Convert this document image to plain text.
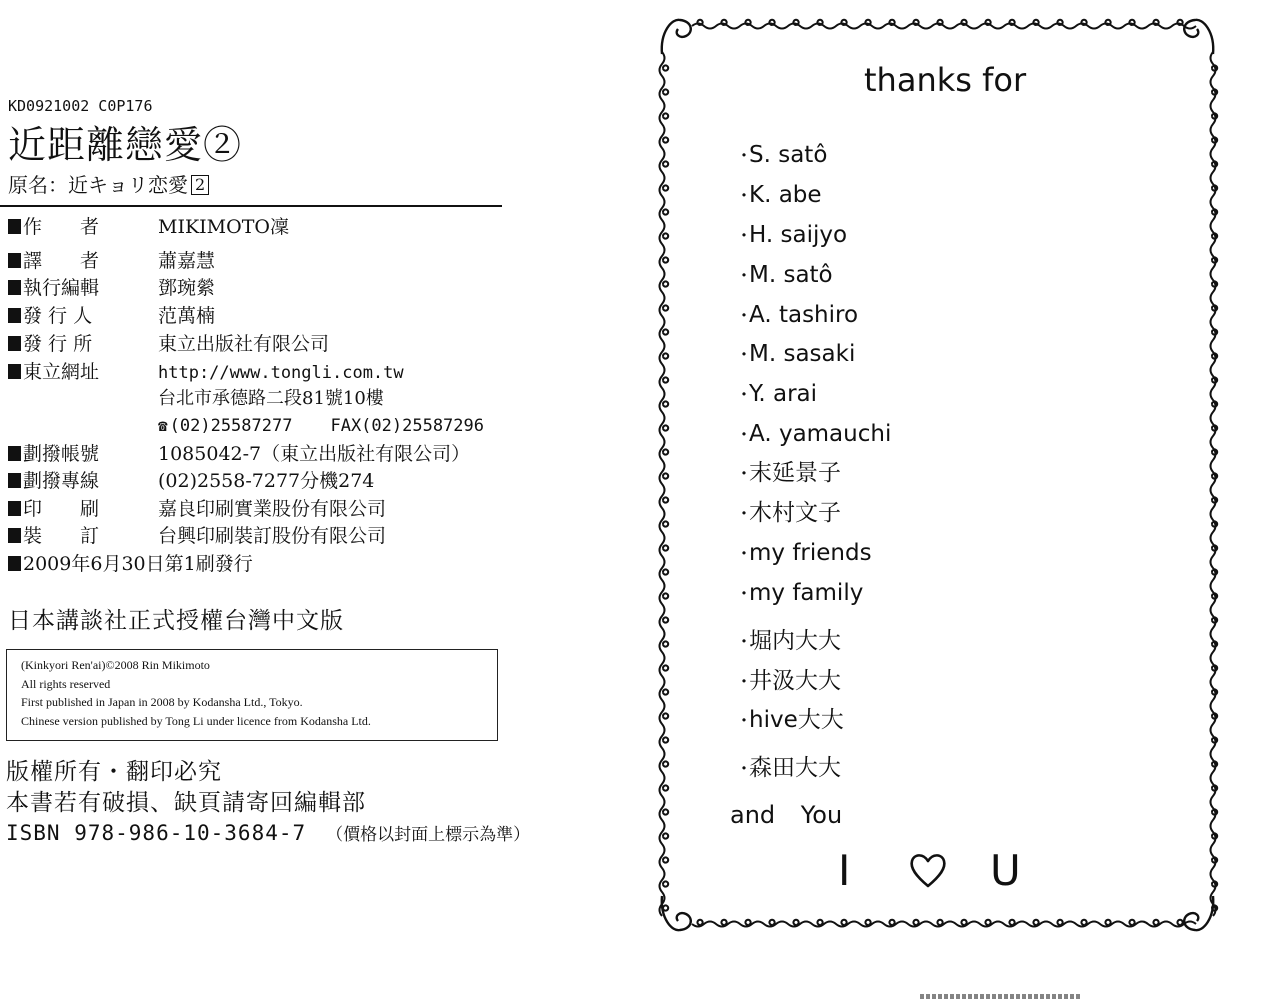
KD0921002 C0P176
近距離戀愛②
原名：近キョリ恋愛 2
作　　者	MIKIMOTO凜
譯　　者	蕭嘉慧
執行編輯	鄧琬縈
發 行 人	范萬楠
發 行 所	東立出版社有限公司
東立網址	http://www.tongli.com.tw
台北市承德路二段81號10樓
☎ (02)25587277 FAX(02)25587296
劃撥帳號	1085042-7（東立出版社有限公司）
劃撥專線	(02)2558-7277分機274
印　　刷	嘉良印刷實業股份有限公司
裝　　訂	台興印刷裝訂股份有限公司
2009年6月30日第1刷發行
日本講談社正式授權台灣中文版
(Kinkyori Ren'ai)©2008 Rin Mikimoto
All rights reserved
First published in Japan in 2008 by Kodansha Ltd., Tokyo.
Chinese version published by Tong Li under licence from Kodansha Ltd.
版權所有・翻印必究
本書若有破損、缺頁請寄回編輯部
ISBN 978-986-10-3684-7 （價格以封面上標示為準）
thanks for
・S. satô
・K. abe
・H. saijyo
・M. satô
・A. tashiro
・M. sasaki
・Y. arai
・A. yamauchi
・末延景子
・木村文子
・my friends
・my family
・堀内大大
・井汲大大
・hive大大
・森田大大
and You
I	U
